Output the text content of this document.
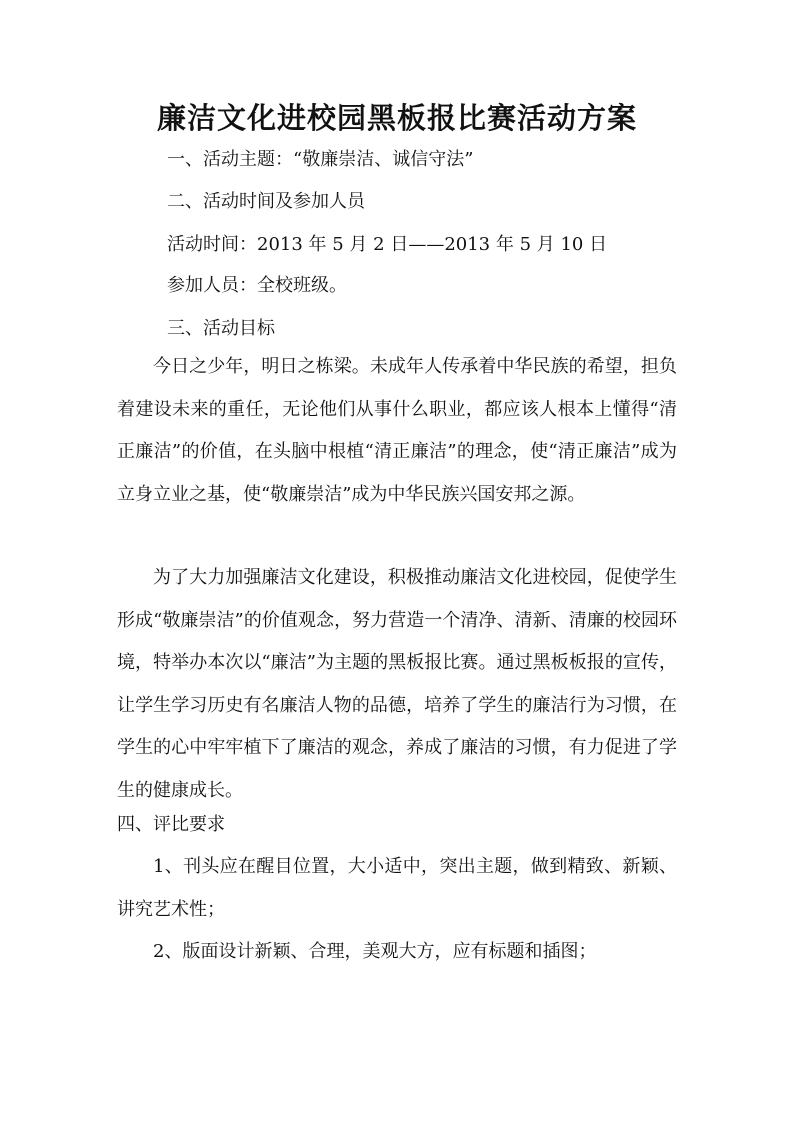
廉洁文化进校园黑板报比赛活动方案

一、活动主题：“敬廉崇洁、诚信守法”

二、活动时间及参加人员

活动时间：2013 年 5 月 2 日——2013 年 5 月 10 日

参加人员：全校班级。

三、活动目标

今日之少年，明日之栋梁。未成年人传承着中华民族的希望，担负着建设未来的重任，无论他们从事什么职业，都应该人根本上懂得“清正廉洁”的价值，在头脑中根植“清正廉洁”的理念，使“清正廉洁”成为立身立业之基，使“敬廉崇洁”成为中华民族兴国安邦之源。

为了大力加强廉洁文化建设，积极推动廉洁文化进校园，促使学生形成“敬廉崇洁”的价值观念，努力营造一个清净、清新、清廉的校园环境，特举办本次以“廉洁”为主题的黑板报比赛。通过黑板板报的宣传，让学生学习历史有名廉洁人物的品德，培养了学生的廉洁行为习惯，在学生的心中牢牢植下了廉洁的观念，养成了廉洁的习惯，有力促进了学生的健康成长。

四、评比要求

1、刊头应在醒目位置，大小适中，突出主题，做到精致、新颖、讲究艺术性；

2、版面设计新颖、合理，美观大方，应有标题和插图；
